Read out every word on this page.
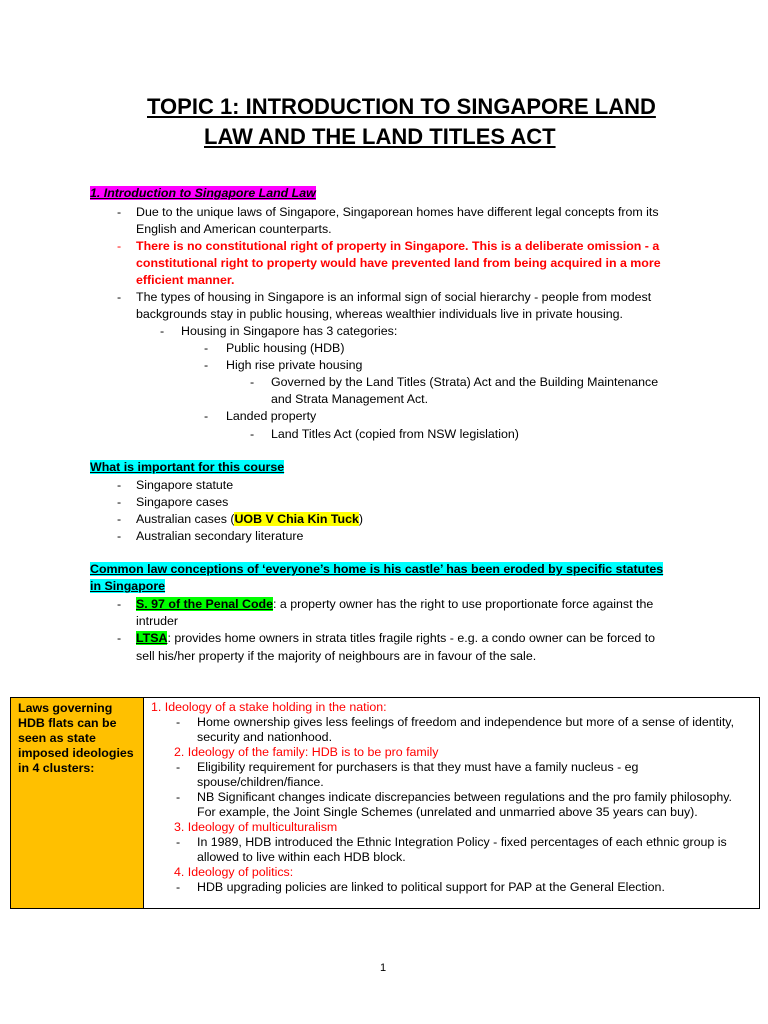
TOPIC 1: INTRODUCTION TO SINGAPORE LAND
LAW AND THE LAND TITLES ACT
1. Introduction to Singapore Land Law
- Due to the unique laws of Singapore, Singaporean homes have different legal concepts from its
English and American counterparts.
- There is no constitutional right of property in Singapore. This is a deliberate omission - a
constitutional right to property would have prevented land from being acquired in a more
efficient manner.
- The types of housing in Singapore is an informal sign of social hierarchy - people from modest
backgrounds stay in public housing, whereas wealthier individuals live in private housing.
- Housing in Singapore has 3 categories:
- Public housing (HDB)
- High rise private housing
- Governed by the Land Titles (Strata) Act and the Building Maintenance
and Strata Management Act.
- Landed property
- Land Titles Act (copied from NSW legislation)
What is important for this course
- Singapore statute
- Singapore cases
- Australian cases (UOB V Chia Kin Tuck)
- Australian secondary literature
Common law conceptions of ‘everyone’s home is his castle’ has been eroded by specific statutes
in Singapore
- S. 97 of the Penal Code: a property owner has the right to use proportionate force against the
intruder
- LTSA: provides home owners in strata titles fragile rights - e.g. a condo owner can be forced to
sell his/her property if the majority of neighbours are in favour of the sale.
Laws governing HDB flats can be seen as state imposed ideologies in 4 clusters:
1. Ideology of a stake holding in the nation:
- Home ownership gives less feelings of freedom and independence but more of a sense of identity,
security and nationhood.
2. Ideology of the family: HDB is to be pro family
- Eligibility requirement for purchasers is that they must have a family nucleus - eg
spouse/children/fiance.
- NB Significant changes indicate discrepancies between regulations and the pro family philosophy.
For example, the Joint Single Schemes (unrelated and unmarried above 35 years can buy).
3. Ideology of multiculturalism
- In 1989, HDB introduced the Ethnic Integration Policy - fixed percentages of each ethnic group is
allowed to live within each HDB block.
4. Ideology of politics:
- HDB upgrading policies are linked to political support for PAP at the General Election.
1
